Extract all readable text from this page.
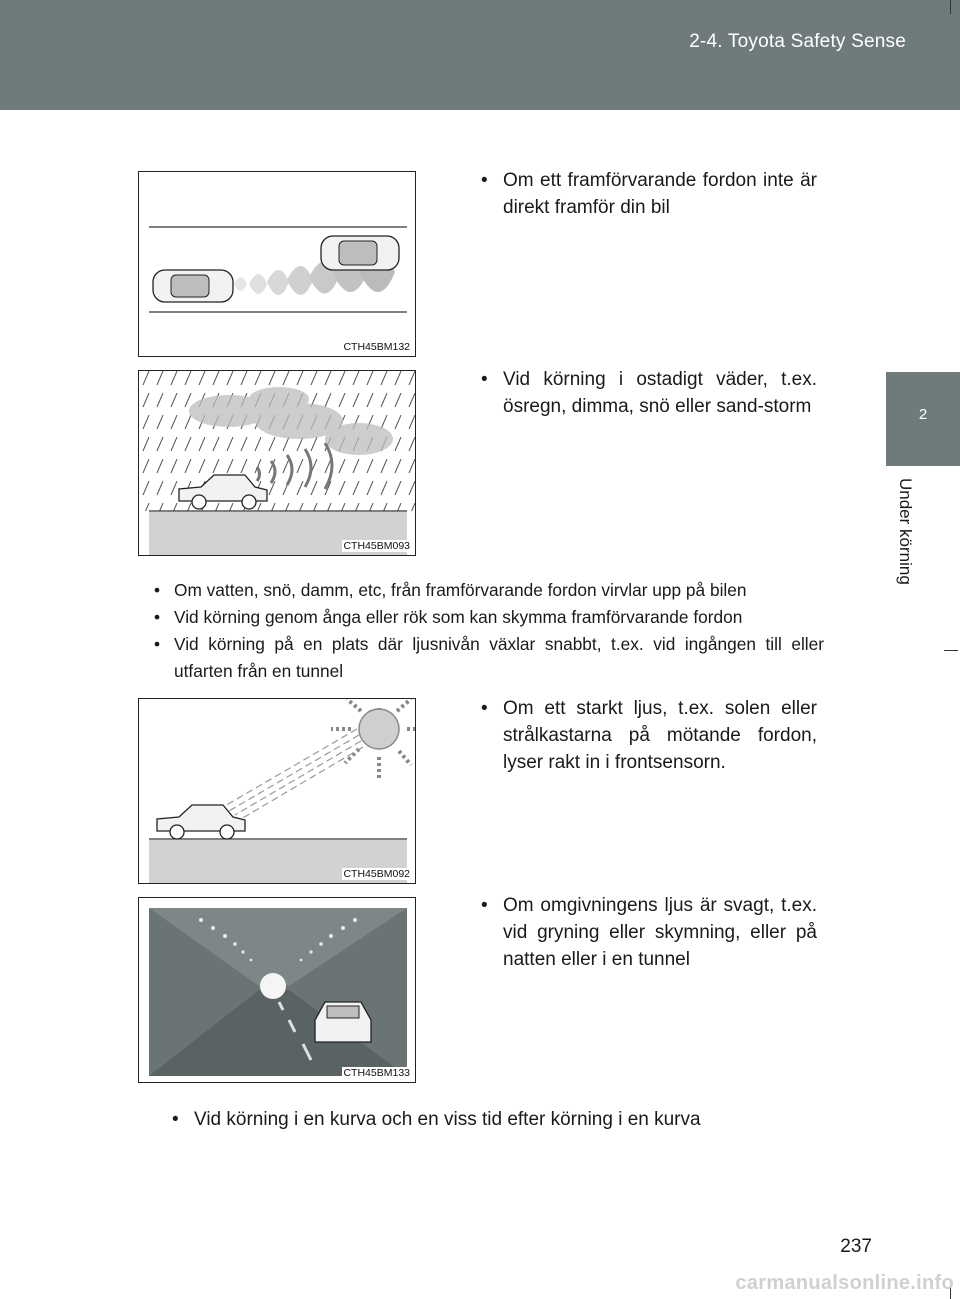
2-4. Toyota Safety Sense
2
Under körning
CTH45BM132
• Om ett framförvarande fordon inte är direkt framför din bil
CTH45BM093
• Vid körning i ostadigt väder, t.ex. ösregn, dimma, snö eller sand-storm
• Om vatten, snö, damm, etc, från framförvarande fordon virvlar upp på bilen
• Vid körning genom ånga eller rök som kan skymma framförvarande fordon
• Vid körning på en plats där ljusnivån växlar snabbt, t.ex. vid ingången till eller utfarten från en tunnel
CTH45BM092
• Om ett starkt ljus, t.ex. solen eller strålkastarna på mötande fordon, lyser rakt in i frontsensorn.
CTH45BM133
• Om omgivningens ljus är svagt, t.ex. vid gryning eller skymning, eller på natten eller i en tunnel
• Vid körning i en kurva och en viss tid efter körning i en kurva
237
carmanualsonline.info
